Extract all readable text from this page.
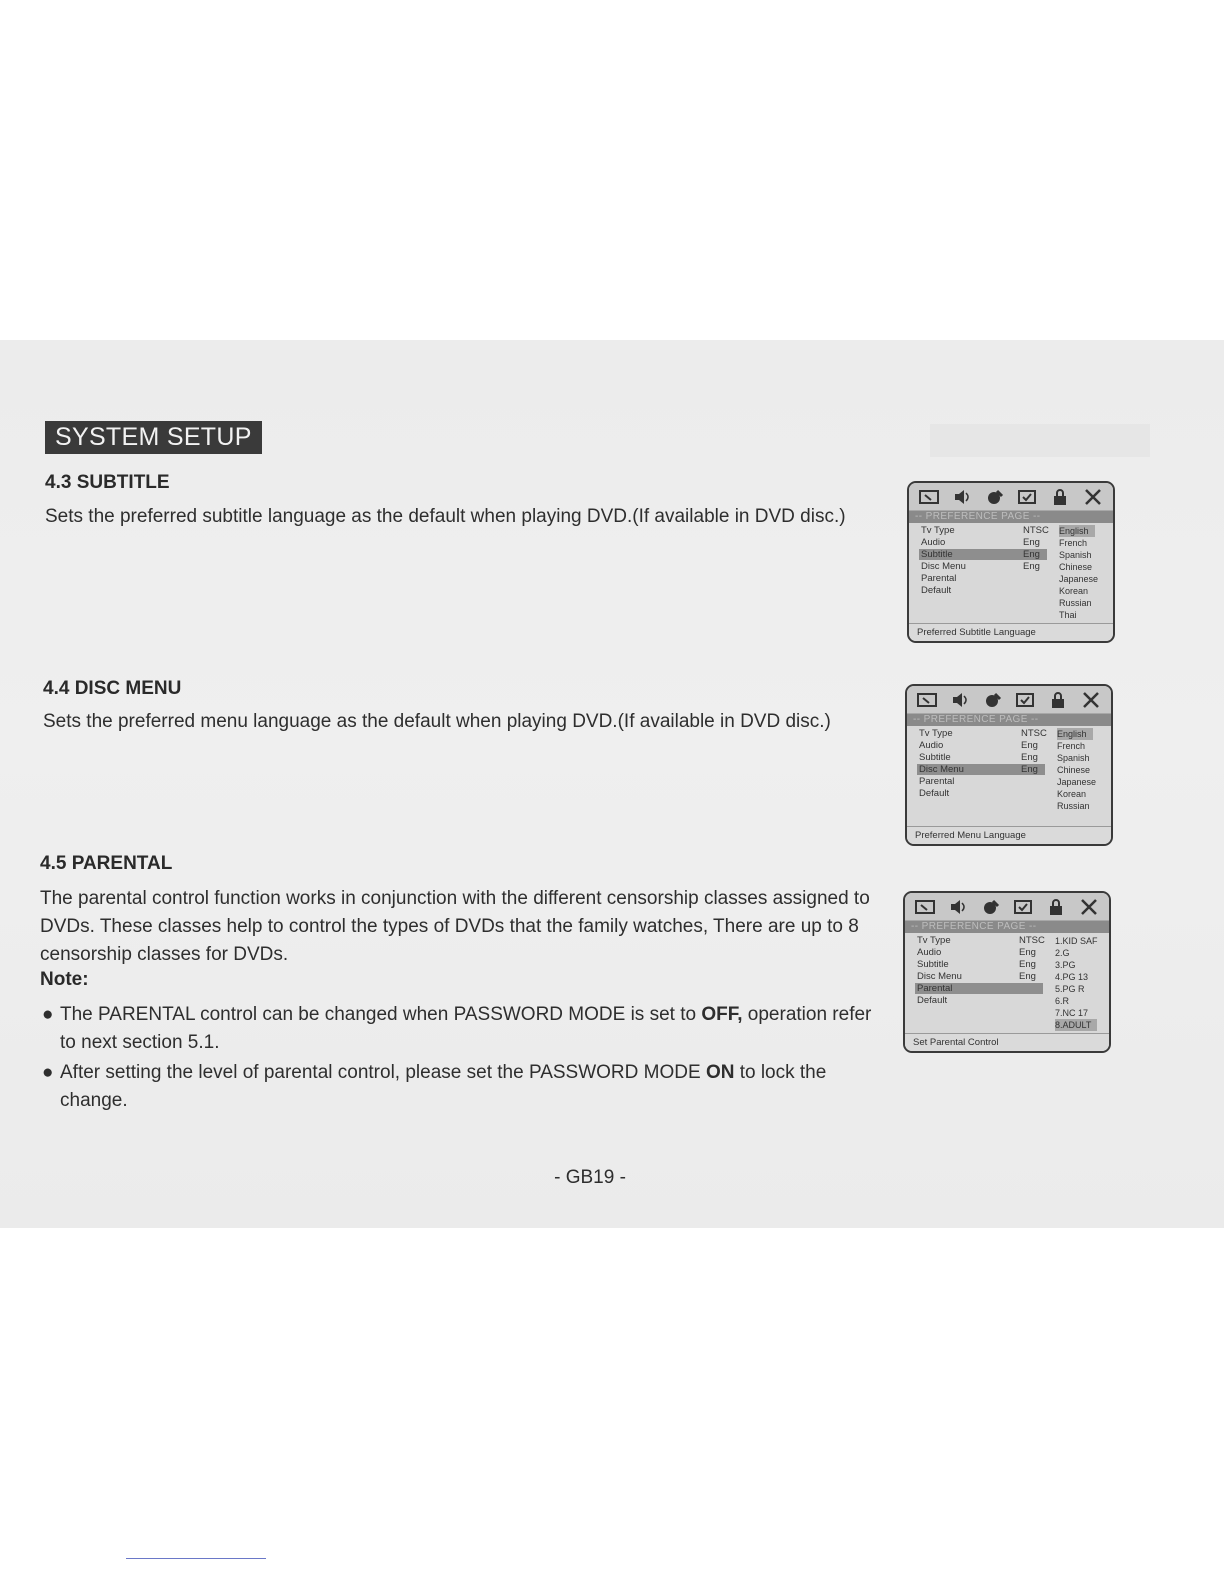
SYSTEM SETUP
4.3 SUBTITLE
Sets the preferred subtitle language as the default when playing DVD.(If available in DVD disc.)
4.4 DISC MENU
Sets the preferred menu language as the default when playing DVD.(If available in DVD disc.)
4.5 PARENTAL
The parental control function works in conjunction with the different censorship classes assigned to DVDs. These classes help to control the types of DVDs that the family watches, There are up to 8 censorship classes for DVDs.
Note:
● The PARENTAL control can be changed when PASSWORD MODE is set to OFF, operation refer to next section 5.1.
● After setting the level of parental control, please set the PASSWORD MODE ON to lock the change.
- GB19 -
-- PREFERENCE PAGE --
Tv Type	NTSC
Audio	Eng
Subtitle	Eng
Disc Menu	Eng
Parental
Default
English
French
Spanish
Chinese
Japanese
Korean
Russian
Thai
Preferred Subtitle Language
-- PREFERENCE PAGE --
Tv Type	NTSC
Audio	Eng
Subtitle	Eng
Disc Menu	Eng
Parental
Default
English
French
Spanish
Chinese
Japanese
Korean
Russian
Preferred Menu Language
-- PREFERENCE PAGE --
Tv Type	NTSC
Audio	Eng
Subtitle	Eng
Disc Menu	Eng
Parental
Default
1.KID SAF
2.G
3.PG
4.PG 13
5.PG R
6.R
7.NC 17
8.ADULT
Set Parental Control
